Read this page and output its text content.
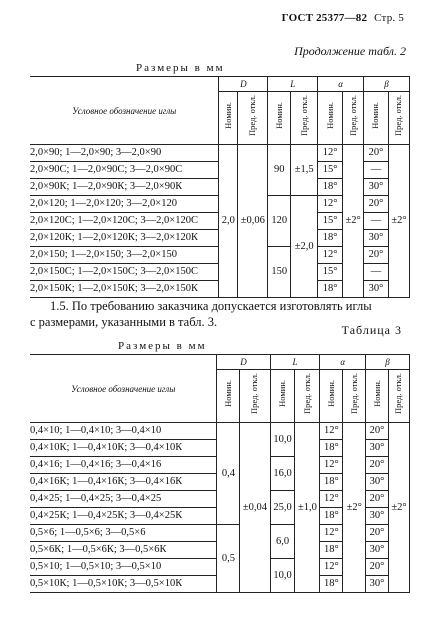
ГОСТ 25377—82 Стр. 5
Продолжение табл. 2
Размеры в мм
Условное обозначение иглы	D		L		α		β	
	Номин.	Пред. откл.	Номин.	Пред. откл.	Номин.	Пред. откл.	Номин.	Пред. откл.
2,0×90; 1—2,0×90; 3—2,0×90	2,0	±0,06	90	±1,5	12°	±2°	20°	±2°
2,0×90С; 1—2,0×90С; 3—2,0×90С					15°		—	
2,0×90К; 1—2,0×90К; 3—2,0×90К					18°		30°	
2,0×120; 1—2,0×120; 3—2,0×120			120	±2,0	12°		20°	
2,0×120С; 1—2,0×120С; 3—2,0×120С					15°		—	
2,0×120К; 1—2,0×120К; 3—2,0×120К					18°		30°	
2,0×150; 1—2,0×150; 3—2,0×150			150		12°		20°	
2,0×150С; 1—2,0×150С; 3—2,0×150С					15°		—	
2,0×150К; 1—2,0×150К; 3—2,0×150К					18°		30°	
1.5. По требованию заказчика допускается изготовлять иглы
с размерами, указанными в табл. 3.
Таблица 3
Размеры в мм
Условное обозначение иглы	D		L		α		β	
	Номин.	Пред. откл.	Номин.	Пред. откл.	Номин.	Пред. откл.	Номин.	Пред. откл.
0,4×10; 1—0,4×10; 3—0,4×10	0,4	±0,04	10,0	±1,0	12°	±2°	20°	±2°
0,4×10К; 1—0,4×10К; 3—0,4×10К					18°		30°	
0,4×16; 1—0,4×16; 3—0,4×16			16,0		12°		20°	
0,4×16К; 1—0,4×16К; 3—0,4×16К					18°		30°	
0,4×25; 1—0,4×25; 3—0,4×25			25,0		12°		20°	
0,4×25К; 1—0,4×25К; 3—0,4×25К					18°		30°	
0,5×6; 1—0,5×6; 3—0,5×6	0,5		6,0		12°		20°	
0,5×6К; 1—0,5×6К; 3—0,5×6К					18°		30°	
0,5×10; 1—0,5×10; 3—0,5×10			10,0		12°		20°	
0,5×10К; 1—0,5×10К; 3—0,5×10К					18°		30°	
